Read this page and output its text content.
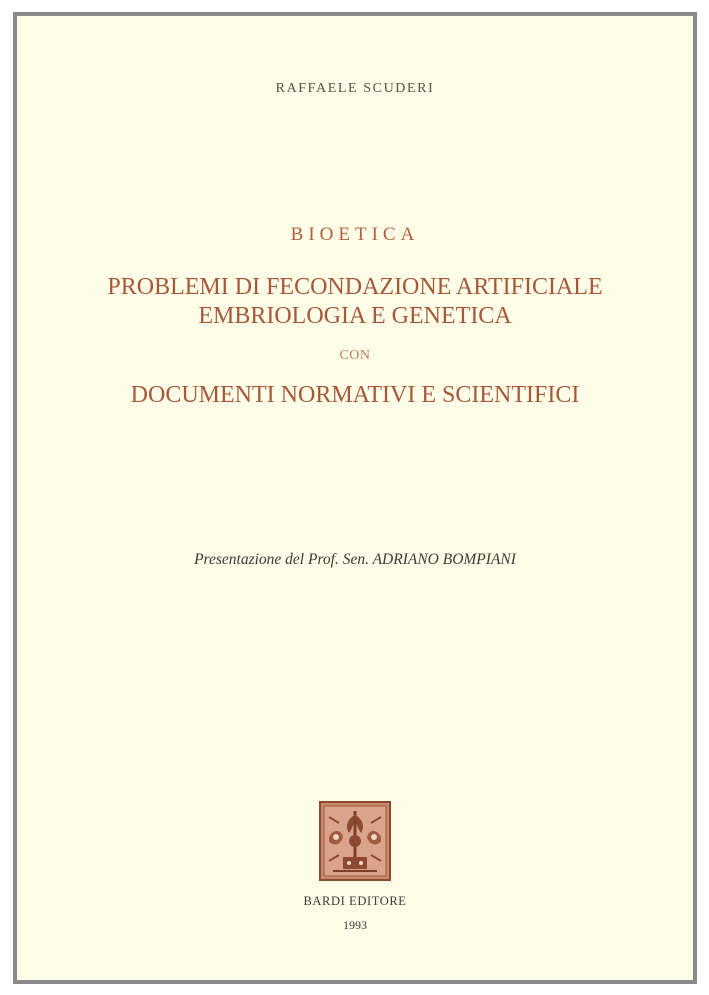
RAFFAELE SCUDERI
BIOETICA
PROBLEMI DI FECONDAZIONE ARTIFICIALE
EMBRIOLOGIA E GENETICA
CON
DOCUMENTI NORMATIVI E SCIENTIFICI
Presentazione del Prof. Sen. ADRIANO BOMPIANI
BARDI EDITORE
1993
